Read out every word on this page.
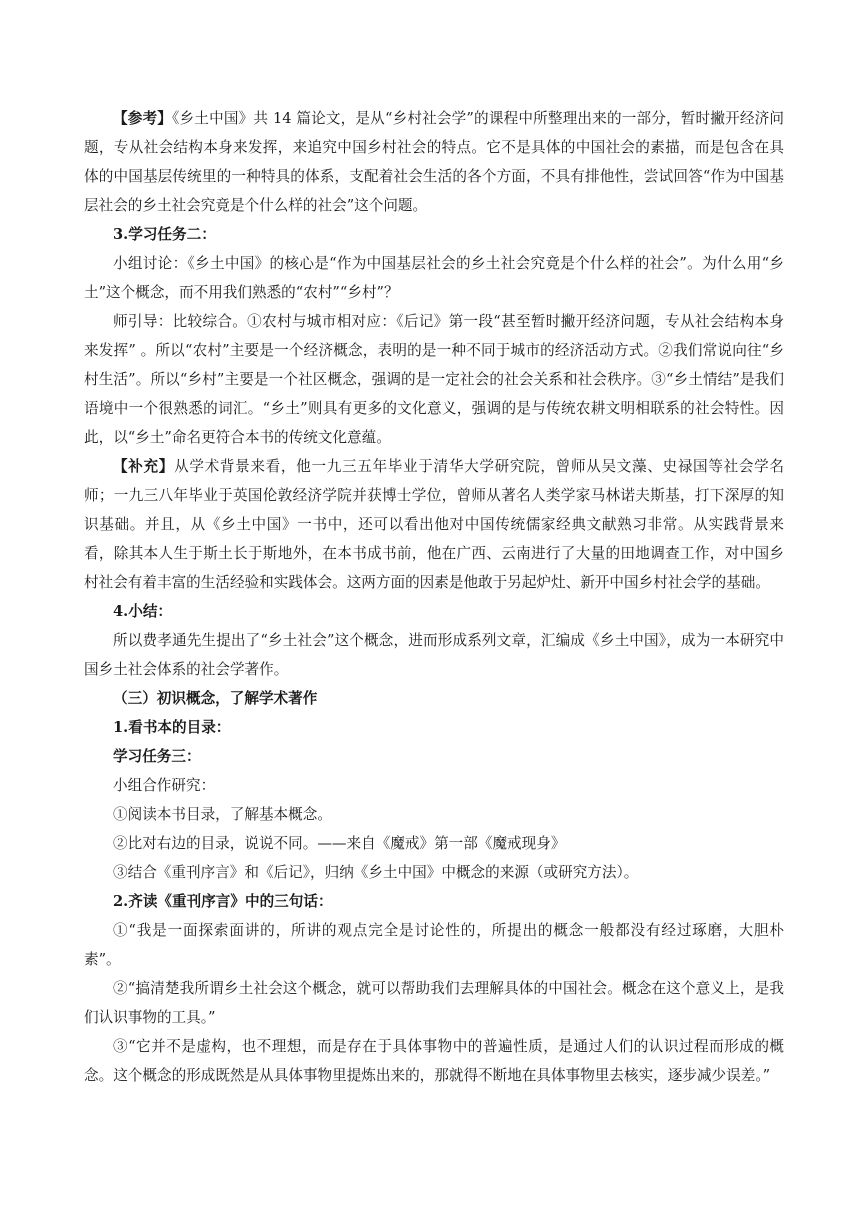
【参考】《乡土中国》共 14 篇论文，是从“乡村社会学”的课程中所整理出来的一部分，暂时撇开经济问题，专从社会结构本身来发挥，来追究中国乡村社会的特点。它不是具体的中国社会的素描，而是包含在具体的中国基层传统里的一种特具的体系，支配着社会生活的各个方面，不具有排他性，尝试回答“作为中国基层社会的乡土社会究竟是个什么样的社会”这个问题。

3.学习任务二：

小组讨论：《乡土中国》的核心是“作为中国基层社会的乡土社会究竟是个什么样的社会”。为什么用“乡土”这个概念，而不用我们熟悉的“农村”“乡村”？

师引导：比较综合。①农村与城市相对应：《后记》第一段“甚至暂时撇开经济问题，专从社会结构本身来发挥” 。所以“农村”主要是一个经济概念，表明的是一种不同于城市的经济活动方式。②我们常说向往“乡村生活”。所以“乡村”主要是一个社区概念，强调的是一定社会的社会关系和社会秩序。③“乡土情结”是我们语境中一个很熟悉的词汇。“乡土”则具有更多的文化意义，强调的是与传统农耕文明相联系的社会特性。因此，以“乡土”命名更符合本书的传统文化意蕴。

【补充】从学术背景来看，他一九三五年毕业于清华大学研究院，曾师从吴文藻、史禄国等社会学名师；一九三八年毕业于英国伦敦经济学院并获博士学位，曾师从著名人类学家马林诺夫斯基，打下深厚的知识基础。并且，从《乡土中国》一书中，还可以看出他对中国传统儒家经典文献熟习非常。从实践背景来看，除其本人生于斯土长于斯地外，在本书成书前，他在广西、云南进行了大量的田地调查工作，对中国乡村社会有着丰富的生活经验和实践体会。这两方面的因素是他敢于另起炉灶、新开中国乡村社会学的基础。

4.小结：

所以费孝通先生提出了“乡土社会”这个概念，进而形成系列文章，汇编成《乡土中国》，成为一本研究中国乡土社会体系的社会学著作。

（三）初识概念，了解学术著作

1.看书本的目录：

学习任务三：

小组合作研究：

①阅读本书目录，了解基本概念。

②比对右边的目录，说说不同。——来自《魔戒》第一部《魔戒现身》

③结合《重刊序言》和《后记》，归纳《乡土中国》中概念的来源（或研究方法）。

2.齐读《重刊序言》中的三句话：

①“我是一面探索面讲的，所讲的观点完全是讨论性的，所提出的概念一般都没有经过琢磨，大胆朴素”。

②“搞清楚我所谓乡土社会这个概念，就可以帮助我们去理解具体的中国社会。概念在这个意义上，是我们认识事物的工具。”

③“它并不是虚构，也不理想，而是存在于具体事物中的普遍性质，是通过人们的认识过程而形成的概念。这个概念的形成既然是从具体事物里提炼出来的，那就得不断地在具体事物里去核实，逐步减少误差。”
